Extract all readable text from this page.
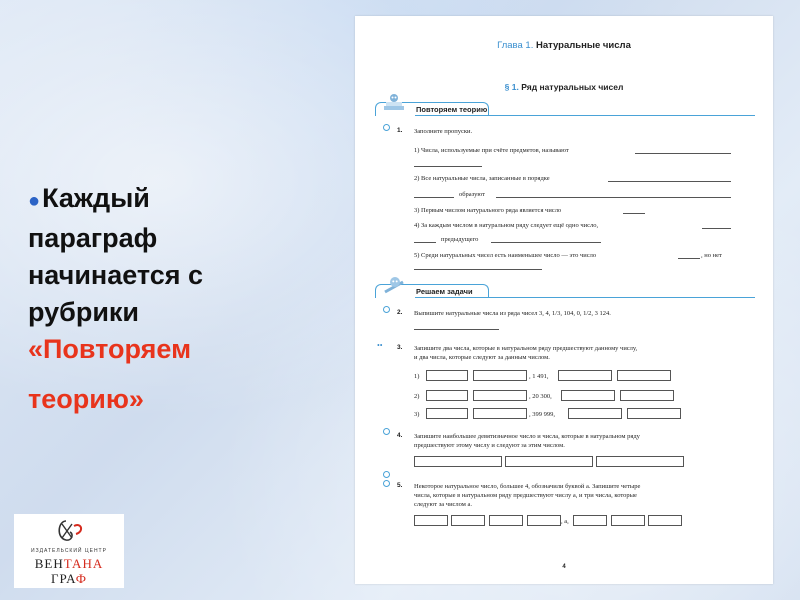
●Каждый
параграф
начинается с
рубрики
«Повторяем

теорию»
ИЗДАТЕЛЬСКИЙ ЦЕНТР
ВЕНТАНА
ГРАФ
Глава 1. Натуральные числа
§ 1. Ряд натуральных чисел
Повторяем теорию
1. Заполните пропуски.
1) Числа, используемые при счёте предметов, называют
2) Все натуральные числа, записанные в порядке
образуют
3) Первым числом натурального ряда является число
4) За каждым числом в натуральном ряду следует ещё одно число,
предыдущего
5) Среди натуральных чисел есть наименьшее число — это число	, но нет
Решаем задачи
2. Выпишите натуральные числа из ряда чисел 3, 4, 1/3, 104, 0, 1/2, 3 124.
•• 3. Запишите два числа, которые в натуральном ряду предшествуют данному числу,
и два числа, которые следуют за данным числом.
1)	, 1 491,
2)	, 20 300,
3)	, 399 999,
4. Запишите наибольшее девятизначное число и числа, которые в натуральном ряду
предшествуют этому числу и следуют за этим числом.
5. Некоторое натуральное число, большее 4, обозначили буквой a. Запишите четыре
числа, которые в натуральном ряду предшествуют числу a, и три числа, которые
следуют за числом a.
, a,
4
